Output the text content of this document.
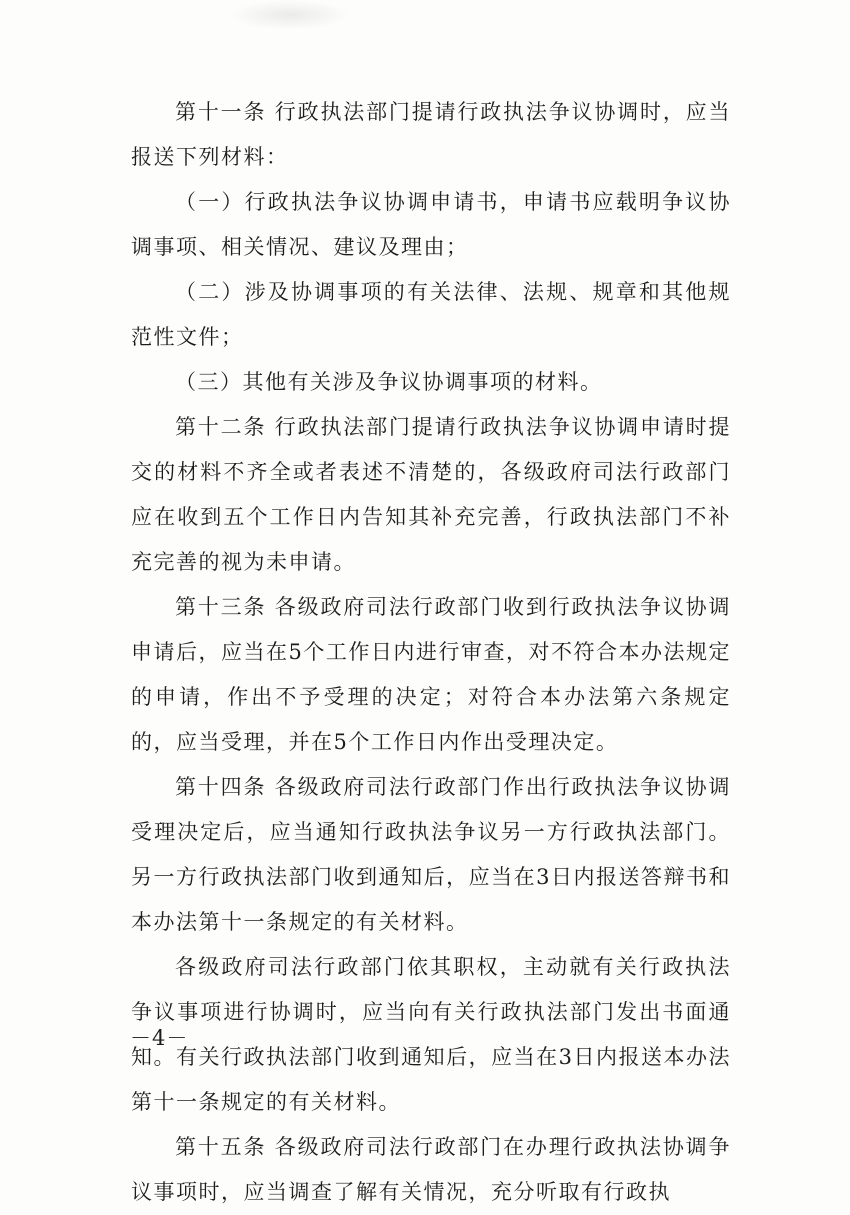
第十一条 行政执法部门提请行政执法争议协调时，应当报送下列材料：

（一）行政执法争议协调申请书，申请书应载明争议协调事项、相关情况、建议及理由；

（二）涉及协调事项的有关法律、法规、规章和其他规范性文件；

（三）其他有关涉及争议协调事项的材料。

第十二条 行政执法部门提请行政执法争议协调申请时提交的材料不齐全或者表述不清楚的，各级政府司法行政部门应在收到五个工作日内告知其补充完善，行政执法部门不补充完善的视为未申请。

第十三条 各级政府司法行政部门收到行政执法争议协调申请后，应当在5个工作日内进行审查，对不符合本办法规定的申请，作出不予受理的决定；对符合本办法第六条规定的，应当受理，并在5个工作日内作出受理决定。

第十四条 各级政府司法行政部门作出行政执法争议协调受理决定后，应当通知行政执法争议另一方行政执法部门。另一方行政执法部门收到通知后，应当在3日内报送答辩书和本办法第十一条规定的有关材料。

各级政府司法行政部门依其职权，主动就有关行政执法争议事项进行协调时，应当向有关行政执法部门发出书面通知。有关行政执法部门收到通知后，应当在3日内报送本办法第十一条规定的有关材料。

第十五条 各级政府司法行政部门在办理行政执法协调争议事项时，应当调查了解有关情况，充分听取有行政执

－4－
